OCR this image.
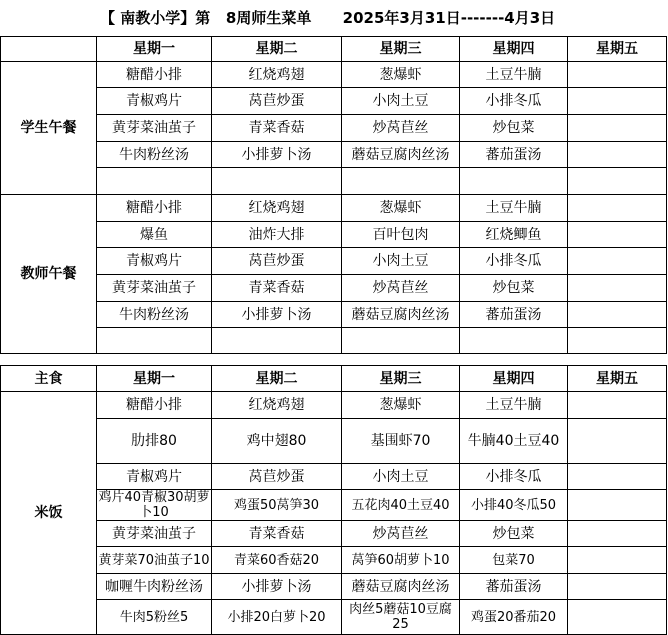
【 南教小学】第   8周师生菜单      2025年3月31日-------4月3日
	星期一	星期二	星期三	星期四	星期五
学生午餐	糖醋小排	红烧鸡翅	葱爆虾	土豆牛腩	
	青椒鸡片	莴苣炒蛋	小肉土豆	小排冬瓜	
	黄芽菜油茧子	青菜香菇	炒莴苣丝	炒包菜	
	牛肉粉丝汤	小排萝卜汤	蘑菇豆腐肉丝汤	蕃茄蛋汤	

教师午餐	糖醋小排	红烧鸡翅	葱爆虾	土豆牛腩	
	爆鱼	油炸大排	百叶包肉	红烧鲫鱼	
	青椒鸡片	莴苣炒蛋	小肉土豆	小排冬瓜	
	黄芽菜油茧子	青菜香菇	炒莴苣丝	炒包菜	
	牛肉粉丝汤	小排萝卜汤	蘑菇豆腐肉丝汤	蕃茄蛋汤	

主食	星期一	星期二	星期三	星期四	星期五
米饭	糖醋小排	红烧鸡翅	葱爆虾	土豆牛腩	
	肋排80	鸡中翅80	基围虾70	牛腩40土豆40	
	青椒鸡片	莴苣炒蛋	小肉土豆	小排冬瓜	
	鸡片40青椒30胡萝卜10	鸡蛋50莴笋30	五花肉40土豆40	小排40冬瓜50	
	黄芽菜油茧子	青菜香菇	炒莴苣丝	炒包菜	
	黄芽菜70油茧子10	青菜60香菇20	莴笋60胡萝卜10	包菜70	
	咖喱牛肉粉丝汤	小排萝卜汤	蘑菇豆腐肉丝汤	蕃茄蛋汤	
	牛肉5粉丝5	小排20白萝卜20	肉丝5蘑菇10豆腐25	鸡蛋20番茄20	
